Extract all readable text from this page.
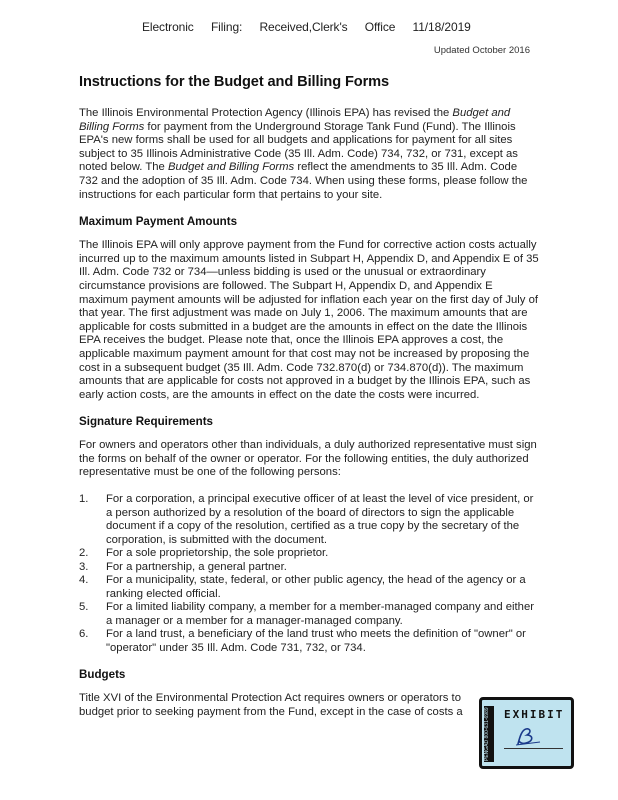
Electronic Filing: Received,Clerk's Office 11/18/2019
Updated October 2016
Instructions for the Budget and Billing Forms

The Illinois Environmental Protection Agency (Illinois EPA) has revised the Budget and Billing Forms for payment from the Underground Storage Tank Fund (Fund). The Illinois EPA's new forms shall be used for all budgets and applications for payment for all sites subject to 35 Illinois Administrative Code (35 Ill. Adm. Code) 734, 732, or 731, except as noted below. The Budget and Billing Forms reflect the amendments to 35 Ill. Adm. Code 732 and the adoption of 35 Ill. Adm. Code 734. When using these forms, please follow the instructions for each particular form that pertains to your site.

Maximum Payment Amounts

The Illinois EPA will only approve payment from the Fund for corrective action costs actually incurred up to the maximum amounts listed in Subpart H, Appendix D, and Appendix E of 35 Ill. Adm. Code 732 or 734—unless bidding is used or the unusual or extraordinary circumstance provisions are followed. The Subpart H, Appendix D, and Appendix E maximum payment amounts will be adjusted for inflation each year on the first day of July of that year. The first adjustment was made on July 1, 2006. The maximum amounts that are applicable for costs submitted in a budget are the amounts in effect on the date the Illinois EPA receives the budget. Please note that, once the Illinois EPA approves a cost, the applicable maximum payment amount for that cost may not be increased by proposing the cost in a subsequent budget (35 Ill. Adm. Code 732.870(d) or 734.870(d)). The maximum amounts that are applicable for costs not approved in a budget by the Illinois EPA, such as early action costs, are the amounts in effect on the date the costs were incurred.

Signature Requirements

For owners and operators other than individuals, a duly authorized representative must sign the forms on behalf of the owner or operator. For the following entities, the duly authorized representative must be one of the following persons:

1. For a corporation, a principal executive officer of at least the level of vice president, or a person authorized by a resolution of the board of directors to sign the applicable document if a copy of the resolution, certified as a true copy by the secretary of the corporation, is submitted with the document.
2. For a sole proprietorship, the sole proprietor.
3. For a partnership, a general partner.
4. For a municipality, state, federal, or other public agency, the head of the agency or a ranking elected official.
5. For a limited liability company, a member for a member-managed company and either a manager or a member for a manager-managed company.
6. For a land trust, a beneficiary of the land trust who meets the definition of "owner" or "operator" under 35 Ill. Adm. Code 731, 732, or 734.
Budgets

Title XVI of the Environmental Protection Act requires owners or operators to budget prior to seeking payment from the Fund, except in the case of costs a	PENGAD 800-631-6989	EXHIBIT
